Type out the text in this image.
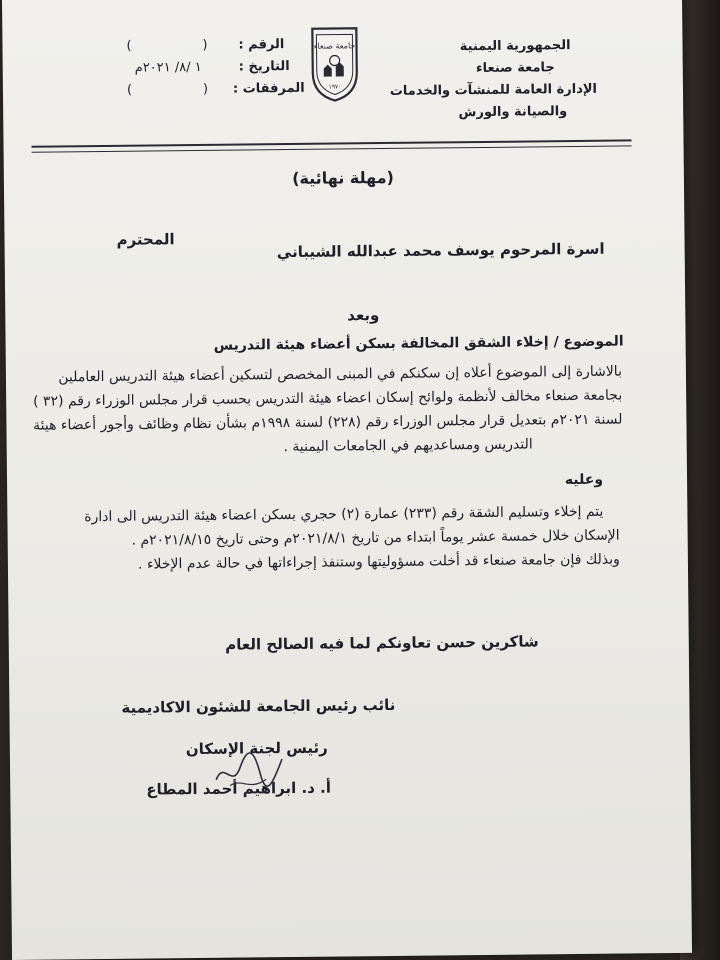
الجمهورية اليمنية
جامعة صنعاء
الإدارة العامة للمنشآت والخدمات
والصيانة والورش
جامعة صنعاء
١٩٧٠
الرقم :
(
)
التاريخ :
١ /٨/ ٢٠٢١م
المرفقات :
(
)
(مهلة نهائية)
اسرة المرحوم يوسف محمد عبدالله الشيباني
المحترم
وبعد
الموضوع / إخلاء الشقق المخالفة بسكن أعضاء هيئة التدريس
بالاشارة إلى الموضوع أعلاه إن سكنكم في المبنى المخصص لتسكين أعضاء هيئة التدريس العاملين
بجامعة صنعاء مخالف لأنظمة ولوائح إسكان اعضاء هيئة التدريس بحسب قرار مجلس الوزراء رقم (٣٢ )
لسنة ٢٠٢١م بتعديل قرار مجلس الوزراء رقم (٢٢٨) لسنة ١٩٩٨م بشأن نظام وظائف وأجور أعضاء هيئة
التدريس ومساعديهم في الجامعات اليمنية .
وعليه
يتم إخلاء وتسليم الشقة رقم (٢٣٣) عمارة (٢) حجري بسكن اعضاء هيئة التدريس الى ادارة
الإسكان خلال خمسة عشر يوماً ابتداء من تاريخ ٢٠٢١/٨/١م وحتى تاريخ ٢٠٢١/٨/١٥م .
وبذلك فإن جامعة صنعاء قد أخلت مسؤوليتها وستنفذ إجراءاتها في حالة عدم الإخلاء .
شاكرين حسن تعاونكم لما فيه الصالح العام
نائب رئيس الجامعة للشئون الاكاديمية
رئيس لجنة الإسكان
أ. د. ابراهيم أحمد المطاع
